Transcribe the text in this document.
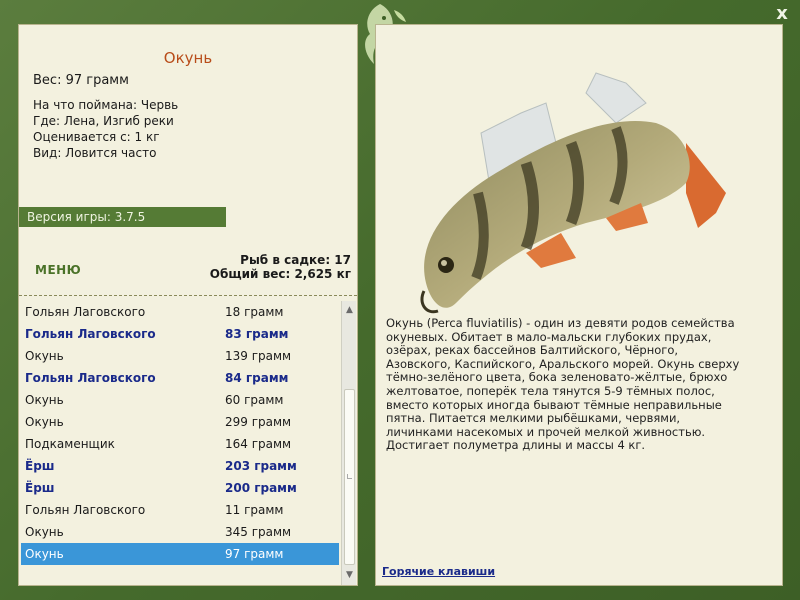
x
Окунь
Вес: 97 грамм
На что поймана: Червь
Где: Лена, Изгиб реки
Оценивается с: 1 кг
Вид: Ловится часто
Версия игры: 3.7.5
МЕНЮ
Рыб в садке: 17
Общий вес: 2,625 кг
Гольян Лаговского	18 грамм
Гольян Лаговского	83 грамм
Окунь	139 грамм
Гольян Лаговского	84 грамм
Окунь	60 грамм
Окунь	299 грамм
Подкаменщик	164 грамм
Ёрш	203 грамм
Ёрш	200 грамм
Гольян Лаговского	11 грамм
Окунь	345 грамм
Окунь	97 грамм
▲
▼
Окунь (Perca fluviatilis) - один из девяти родов семейства окуневых. Обитает в мало-мальски глубоких прудах, озёрах, реках бассейнов Балтийского, Чёрного, Азовского, Каспийского, Аральского морей. Окунь сверху тёмно-зелёного цвета, бока зеленовато-жёлтые, брюхо желтоватое, поперёк тела тянутся 5-9 тёмных полос, вместо которых иногда бывают тёмные неправильные пятна. Питается мелкими рыбёшками, червями, личинками насекомых и прочей мелкой живностью. Достигает полуметра длины и массы 4 кг.
Горячие клавиши
